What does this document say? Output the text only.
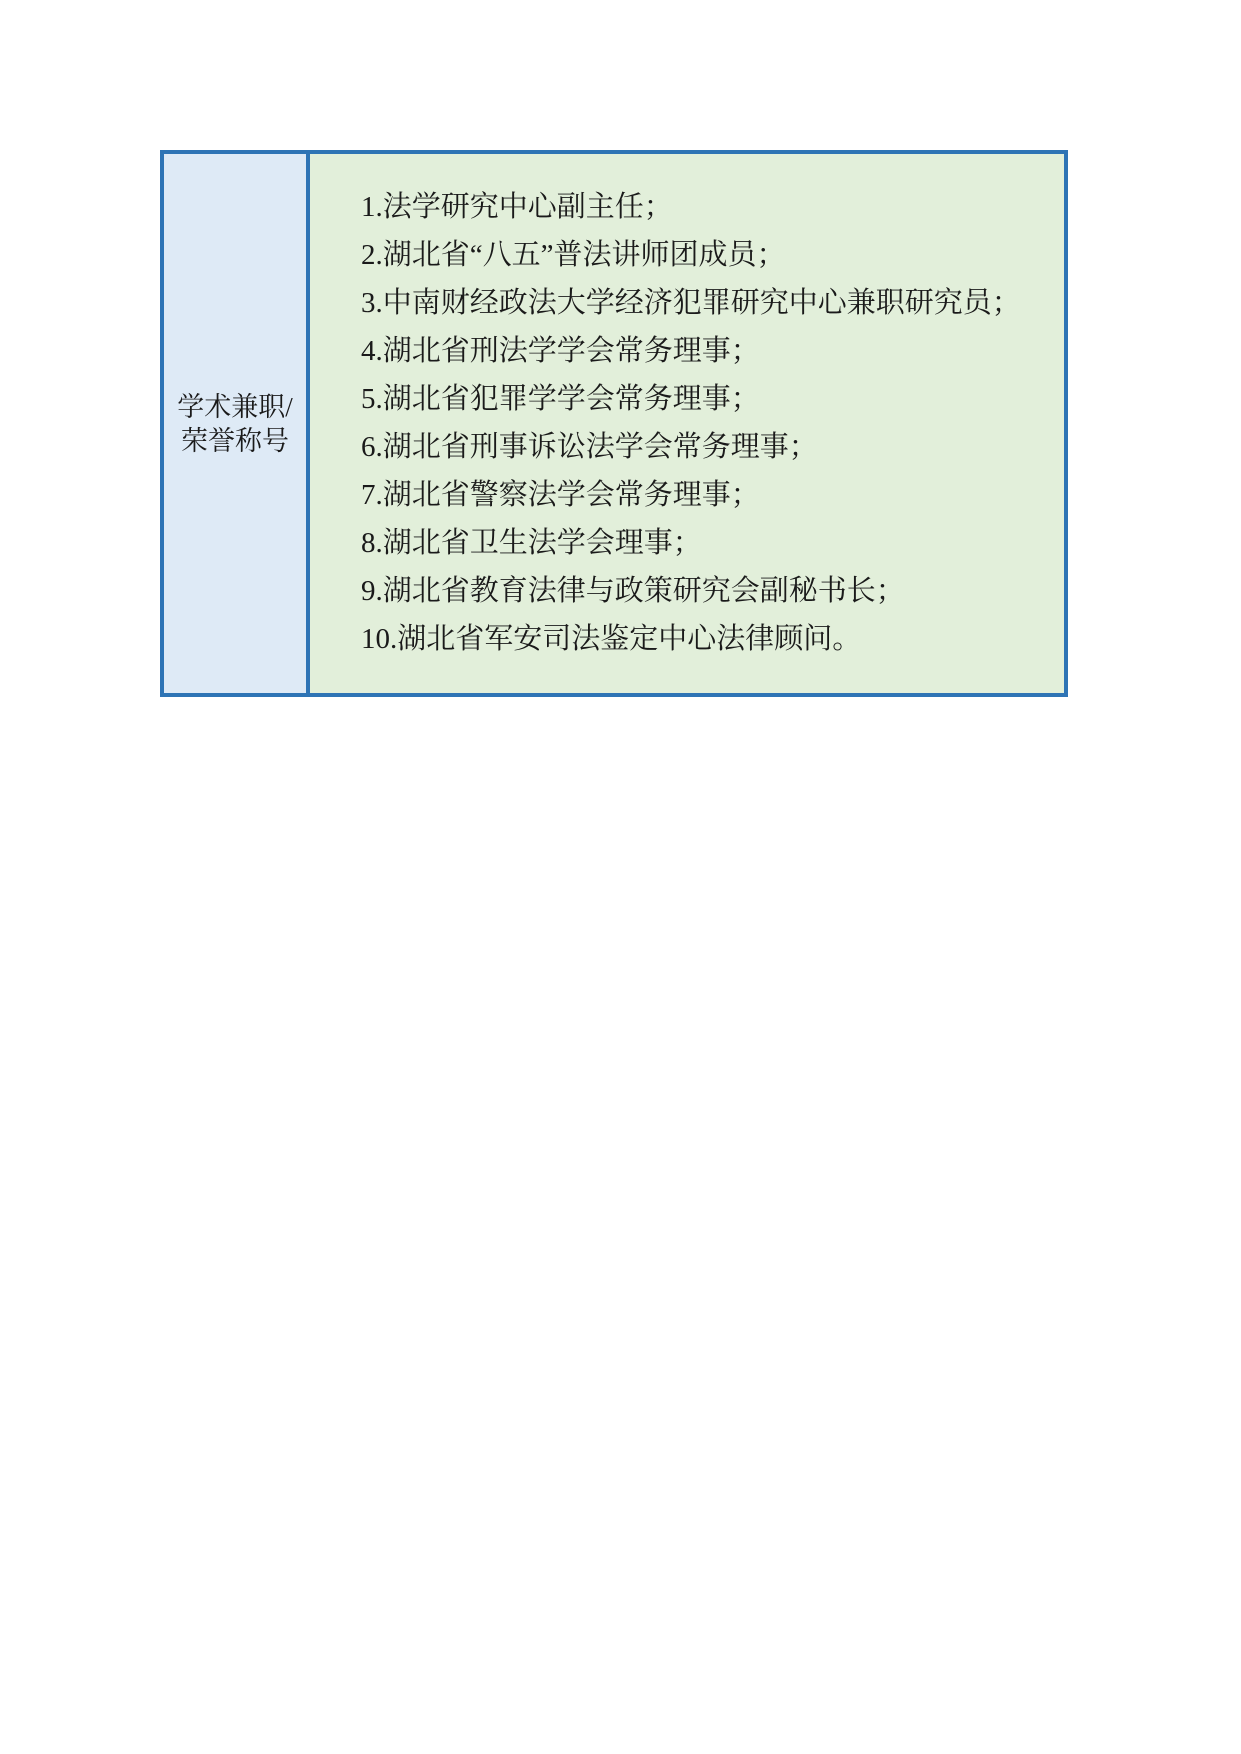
学术兼职/
荣誉称号
1.法学研究中心副主任；
2.湖北省“八五”普法讲师团成员；
3.中南财经政法大学经济犯罪研究中心兼职研究员；
4.湖北省刑法学学会常务理事；
5.湖北省犯罪学学会常务理事；
6.湖北省刑事诉讼法学会常务理事；
7.湖北省警察法学会常务理事；
8.湖北省卫生法学会理事；
9.湖北省教育法律与政策研究会副秘书长；
10.湖北省军安司法鉴定中心法律顾问。
